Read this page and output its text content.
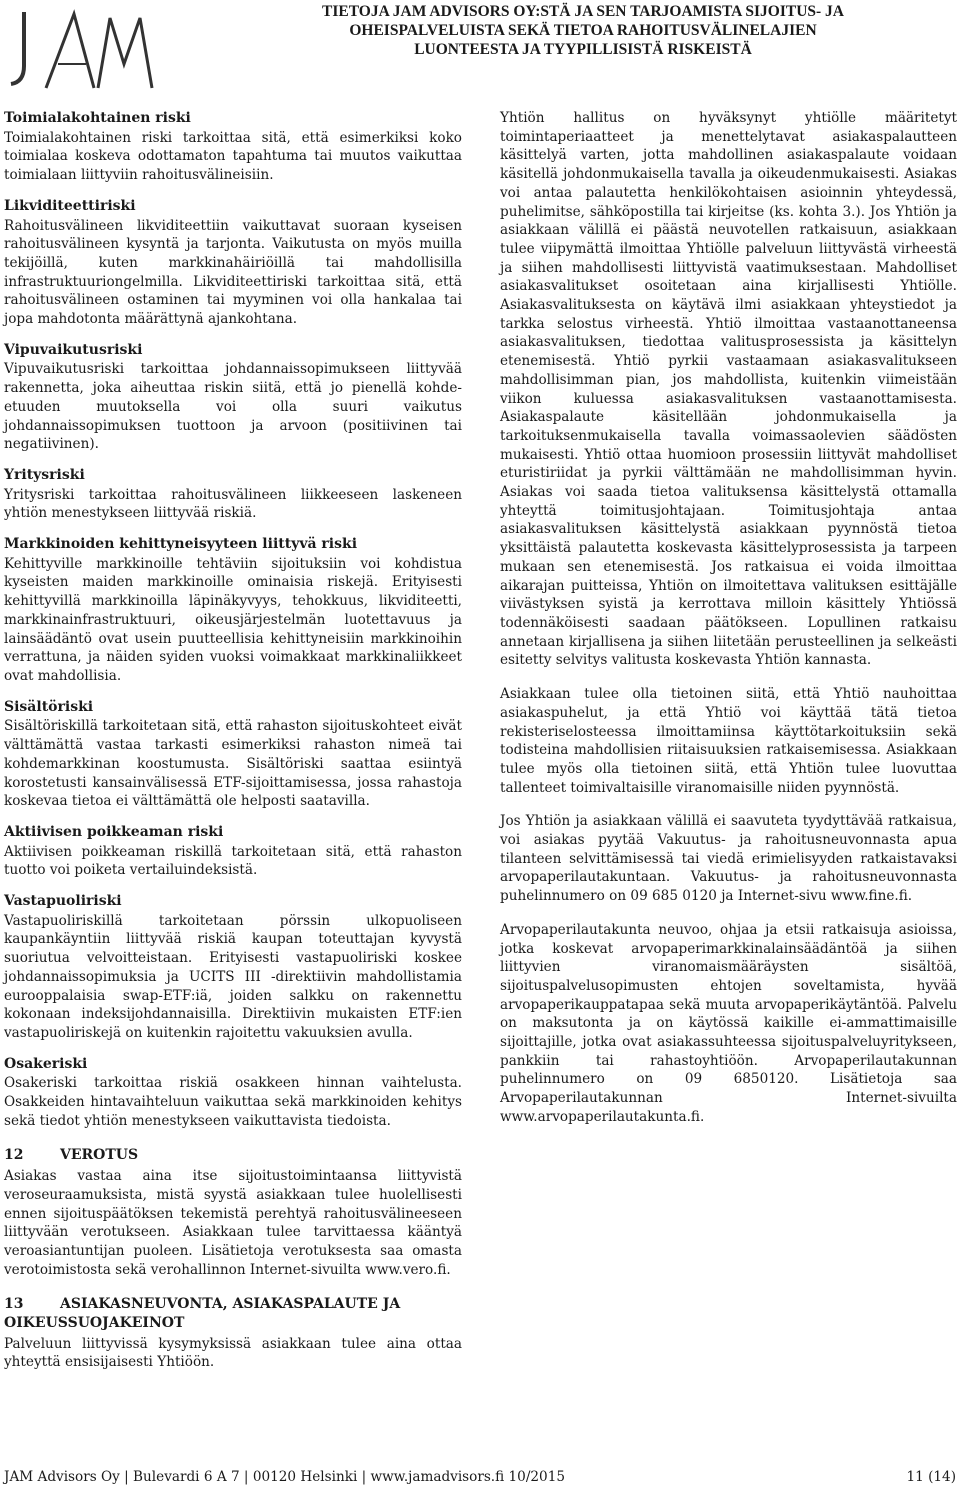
TIETOJA JAM ADVISORS OY:STÄ JA SEN TARJOAMISTA SIJOITUS- JA
OHEISPALVELUISTA SEKÄ TIETOA RAHOITUSVÄLINELAJIEN
LUONTEESTA JA TYYPILLISISTÄ RISKEISTÄ
Toimialakohtainen riski

Toimialakohtainen riski tarkoittaa sitä, että esimerkiksi koko toimialaa koskeva odottamaton tapahtuma tai muutos vaikuttaa toimialaan liittyviin rahoitusvälineisiin.

Likviditeettiriski

Rahoitusvälineen likviditeettiin vaikuttavat suoraan kyseisen rahoitusvälineen kysyntä ja tarjonta. Vaikutusta on myös muilla tekijöillä, kuten markkinahäiriöillä tai mahdollisilla infrastruktuuriongelmilla. Likviditeettiriski tarkoittaa sitä, että rahoitusvälineen ostaminen tai myyminen voi olla hankalaa tai jopa mahdotonta määrättynä ajankohtana.

Vipuvaikutusriski

Vipuvaikutusriski tarkoittaa johdannaissopimukseen liittyvää rakennetta, joka aiheuttaa riskin siitä, että jo pienellä kohdeetuuden muutoksella voi olla suuri vaikutus johdannaissopimuksen tuottoon ja arvoon (positiivinen tai negatiivinen).

Yritysriski

Yritysriski tarkoittaa rahoitusvälineen liikkeeseen laskeneen yhtiön menestykseen liittyvää riskiä.

Markkinoiden kehittyneisyyteen liittyvä riski

Kehittyville markkinoille tehtäviin sijoituksiin voi kohdistua kyseisten maiden markkinoille ominaisia riskejä. Erityisesti kehittyvillä markkinoilla läpinäkyvyys, tehokkuus, likviditeetti, markkinainfrastruktuuri, oikeusjärjestelmän luotettavuus ja lainsäädäntö ovat usein puutteellisia kehittyneisiin markkinoihin verrattuna, ja näiden syiden vuoksi voimakkaat markkinaliikkeet ovat mahdollisia.

Sisältöriski

Sisältöriskillä tarkoitetaan sitä, että rahaston sijoituskohteet eivät välttämättä vastaa tarkasti esimerkiksi rahaston nimeä tai kohdemarkkinan koostumusta. Sisältöriski saattaa esiintyä korostetusti kansainvälisessä ETF-sijoittamisessa, jossa rahastoja koskevaa tietoa ei välttämättä ole helposti saatavilla.

Aktiivisen poikkeaman riski

Aktiivisen poikkeaman riskillä tarkoitetaan sitä, että rahaston tuotto voi poiketa vertailuindeksistä.

Vastapuoliriski

Vastapuoliriskillä tarkoitetaan pörssin ulkopuoliseen kaupankäyntiin liittyvää riskiä kaupan toteuttajan kyvystä suoriutua velvoitteistaan. Erityisesti vastapuoliriski koskee johdannaissopimuksia ja UCITS III -direktiivin mahdollistamia eurooppalaisia swap-ETF:iä, joiden salkku on rakennettu kokonaan indeksijohdannaisilla. Direktiivin mukaisten ETF:ien vastapuoliriskejä on kuitenkin rajoitettu vakuuksien avulla.

Osakeriski

Osakeriski tarkoittaa riskiä osakkeen hinnan vaihtelusta. Osakkeiden hintavaihteluun vaikuttaa sekä markkinoiden kehitys sekä tiedot yhtiön menestykseen vaikuttavista tiedoista.

12	VEROTUS

Asiakas vastaa aina itse sijoitustoimintaansa liittyvistä veroseuraamuksista, mistä syystä asiakkaan tulee huolellisesti ennen sijoituspäätöksen tekemistä perehtyä rahoitusvälineeseen liittyvään verotukseen. Asiakkaan tulee tarvittaessa kääntyä veroasiantuntijan puoleen. Lisätietoja verotuksesta saa omasta verotoimistosta sekä verohallinnon Internet-sivuilta www.vero.fi.

13	ASIAKASNEUVONTA, ASIAKASPALAUTE JA OIKEUSSUOJAKEINOT

Palveluun liittyvissä kysymyksissä asiakkaan tulee aina ottaa yhteyttä ensisijaisesti Yhtiöön.

Yhtiön hallitus on hyväksynyt yhtiölle määritetyt toimintaperiaatteet ja menettelytavat asiakaspalautteen käsittelyä varten, jotta mahdollinen asiakaspalaute voidaan käsitellä johdonmukaisella tavalla ja oikeudenmukaisesti. Asiakas voi antaa palautetta henkilökohtaisen asioinnin yhteydessä, puhelimitse, sähköpostilla tai kirjeitse (ks. kohta 3.). Jos Yhtiön ja asiakkaan välillä ei päästä neuvotellen ratkaisuun, asiakkaan tulee viipymättä ilmoittaa Yhtiölle palveluun liittyvästä virheestä ja siihen mahdollisesti liittyvistä vaatimuksestaan. Mahdolliset asiakasvalitukset osoitetaan aina kirjallisesti Yhtiölle. Asiakasvalituksesta on käytävä ilmi asiakkaan yhteystiedot ja tarkka selostus virheestä. Yhtiö ilmoittaa vastaanottaneensa asiakasvalituksen, tiedottaa valitusprosessista ja käsittelyn etenemisestä. Yhtiö pyrkii vastaamaan asiakasvalitukseen mahdollisimman pian, jos mahdollista, kuitenkin viimeistään viikon kuluessa asiakasvalituksen vastaanottamisesta. Asiakaspalaute käsitellään johdonmukaisella ja tarkoituksenmukaisella tavalla voimassaolevien säädösten mukaisesti. Yhtiö ottaa huomioon prosessiin liittyvät mahdolliset eturistiriidat ja pyrkii välttämään ne mahdollisimman hyvin. Asiakas voi saada tietoa valituksensa käsittelystä ottamalla yhteyttä toimitusjohtajaan. Toimitusjohtaja antaa asiakasvalituksen käsittelystä asiakkaan pyynnöstä tietoa yksittäistä palautetta koskevasta käsittelyprosessista ja tarpeen mukaan sen etenemisestä. Jos ratkaisua ei voida ilmoittaa aikarajan puitteissa, Yhtiön on ilmoitettava valituksen esittäjälle viivästyksen syistä ja kerrottava milloin käsittely Yhtiössä todennäköisesti saadaan päätökseen. Lopullinen ratkaisu annetaan kirjallisena ja siihen liitetään perusteellinen ja selkeästi esitetty selvitys valitusta koskevasta Yhtiön kannasta.

Asiakkaan tulee olla tietoinen siitä, että Yhtiö nauhoittaa asiakaspuhelut, ja että Yhtiö voi käyttää tätä tietoa rekisteriselosteessa ilmoittamiinsa käyttötarkoituksiin sekä todisteina mahdollisien riitaisuuksien ratkaisemisessa. Asiakkaan tulee myös olla tietoinen siitä, että Yhtiön tulee luovuttaa tallenteet toimivaltaisille viranomaisille niiden pyynnöstä.

Jos Yhtiön ja asiakkaan välillä ei saavuteta tyydyttävää ratkaisua, voi asiakas pyytää Vakuutus- ja rahoitusneuvonnasta apua tilanteen selvittämisessä tai viedä erimielisyyden ratkaistavaksi arvopaperilautakuntaan. Vakuutus- ja rahoitusneuvonnasta puhelinnumero on 09 685 0120 ja Internet-sivu www.fine.fi.

Arvopaperilautakunta neuvoo, ohjaa ja etsii ratkaisuja asioissa, jotka koskevat arvopaperimarkkinalainsäädäntöä ja siihen liittyvien viranomaismääräysten sisältöä, sijoituspalvelusopimusten ehtojen soveltamista, hyvää arvopaperikauppatapaa sekä muuta arvopaperikäytäntöä. Palvelu on maksutonta ja on käytössä kaikille ei-ammattimaisille sijoittajille, jotka ovat asiakassuhteessa sijoituspalveluyritykseen, pankkiin tai rahastoyhtiöön. Arvopaperilautakunnan puhelinnumero on 09 6850120. Lisätietoja saa Arvopaperilautakunnan Internet-sivuilta www.arvopaperilautakunta.fi.

JAM Advisors Oy | Bulevardi 6 A 7 | 00120 Helsinki | www.jamadvisors.fi 10/2015	11 (14)
